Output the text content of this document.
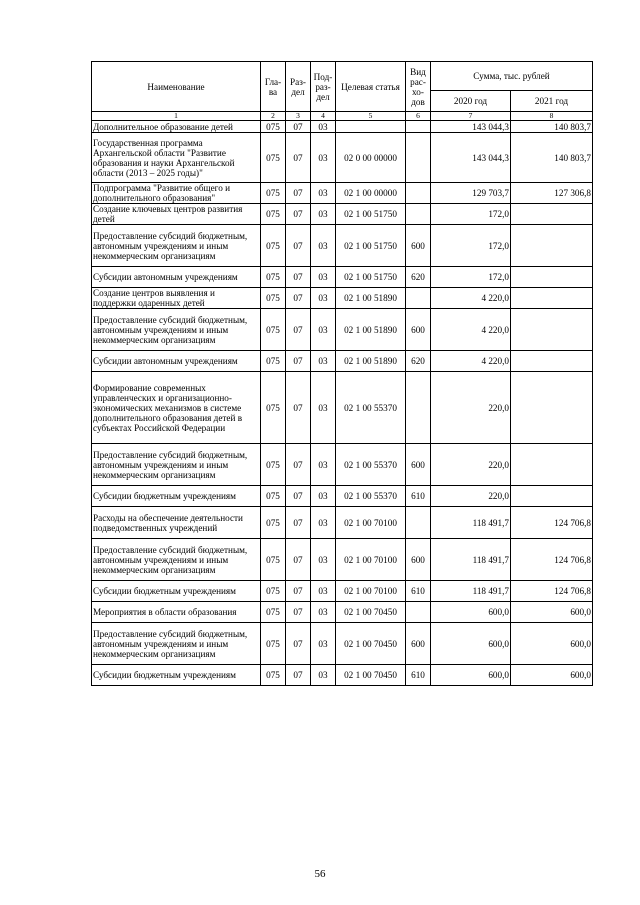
Наименование	Гла-ва	Раз-дел	Под-раз-дел	Целевая статья	Вид рас-хо-дов	Сумма, тыс. рублей	
						2020 год	2021 год
1	2	3	4	5	6	7	8
Дополнительное образование детей	075	07	03			143 044,3	140 803,7
Государственная программа Архангельской области "Развитие образования и науки Архангельской области (2013 – 2025 годы)"	075	07	03	02 0 00 00000		143 044,3	140 803,7
Подпрограмма "Развитие общего и дополнительного образования"	075	07	03	02 1 00 00000		129 703,7	127 306,8
Создание ключевых центров развития детей	075	07	03	02 1 00 51750		172,0	
Предоставление субсидий бюджетным, автономным учреждениям и иным некоммерческим организациям	075	07	03	02 1 00 51750	600	172,0	
Субсидии автономным учреждениям	075	07	03	02 1 00 51750	620	172,0	
Создание центров выявления и поддержки одаренных детей	075	07	03	02 1 00 51890		4 220,0	
Предоставление субсидий бюджетным, автономным учреждениям и иным некоммерческим организациям	075	07	03	02 1 00 51890	600	4 220,0	
Субсидии автономным учреждениям	075	07	03	02 1 00 51890	620	4 220,0	
Формирование современных управленческих и организационно-экономических механизмов в системе дополнительного образования детей в субъектах Российской Федерации	075	07	03	02 1 00 55370		220,0	
Предоставление субсидий бюджетным, автономным учреждениям и иным некоммерческим организациям	075	07	03	02 1 00 55370	600	220,0	
Субсидии бюджетным учреждениям	075	07	03	02 1 00 55370	610	220,0	
Расходы на обеспечение деятельности подведомственных учреждений	075	07	03	02 1 00 70100		118 491,7	124 706,8
Предоставление субсидий бюджетным, автономным учреждениям и иным некоммерческим организациям	075	07	03	02 1 00 70100	600	118 491,7	124 706,8
Субсидии бюджетным учреждениям	075	07	03	02 1 00 70100	610	118 491,7	124 706,8
Мероприятия в области образования	075	07	03	02 1 00 70450		600,0	600,0
Предоставление субсидий бюджетным, автономным учреждениям и иным некоммерческим организациям	075	07	03	02 1 00 70450	600	600,0	600,0
Субсидии бюджетным учреждениям	075	07	03	02 1 00 70450	610	600,0	600,0
56
